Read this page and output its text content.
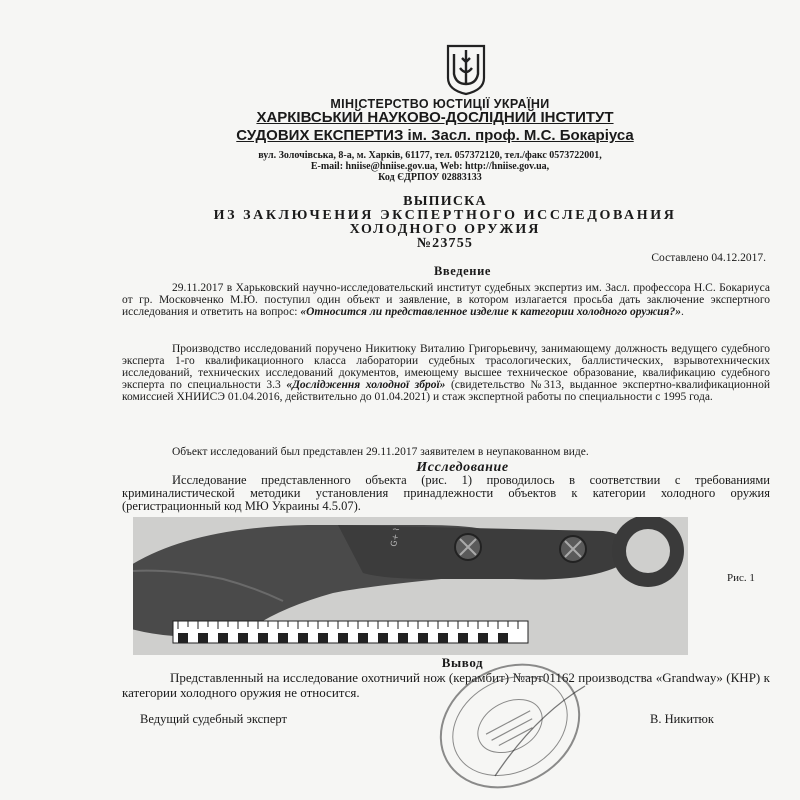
МІНІСТЕРСТВО ЮСТИЦІЇ УКРАЇНИ
ХАРКІВСЬКИЙ НАУКОВО-ДОСЛІДНИЙ ІНСТИТУТ
СУДОВИХ ЕКСПЕРТИЗ ім. Засл. проф. М.С. Бокаріуса
вул. Золочівська, 8-а, м. Харків, 61177, тел. 057372120, тел./факс 0573722001,
E-mail: hniise@hniise.gov.ua, Web: http://hniise.gov.ua,
Код ЄДРПОУ 02883133
ВЫПИСКА
ИЗ ЗАКЛЮЧЕНИЯ ЭКСПЕРТНОГО ИССЛЕДОВАНИЯ
ХОЛОДНОГО ОРУЖИЯ
№23755
Составлено 04.12.2017.
Введение
29.11.2017 в Харьковский научно-исследовательский институт судебных экспертиз им. Засл. профессора Н.С. Бокариуса от гр. Московченко М.Ю. поступил один объект и заявление, в котором излагается просьба дать заключение экспертного исследования и ответить на вопрос: «Относится ли представленное изделие к категории холодного оружия?».
Производство исследований поручено Никитюку Виталию Григорьевичу, занимающему должность ведущего судебного эксперта 1-го квалификационного класса лаборатории судебных трасологических, баллистических, взрывотехнических исследований, технических исследований документов, имеющему высшее техническое образование, квалификацию судебного эксперта по специальности 3.3 «Дослідження холодної зброї» (свидетельство №313, выданное экспертно-квалификационной комиссией ХНИИСЭ 01.04.2016, действительно до 01.04.2021) и стаж экспертной работы по специальности с 1995 года.
Объект исследований был представлен 29.11.2017 заявителем в неупакованном виде.
Исследование
Исследование представленного объекта (рис. 1) проводилось в соответствии с требованиями криминалистической методики установления принадлежности объектов к категории холодного оружия (регистрационный код МЮ Украины 4.5.07).
G+ ⌇
Рис. 1
Вывод
Представленный на исследование охотничий нож (керамбит) №арт01162 производства «Grandway» (КНР) к категории холодного оружия не относится.
Ведущий судебный эксперт	В. Никитюк
